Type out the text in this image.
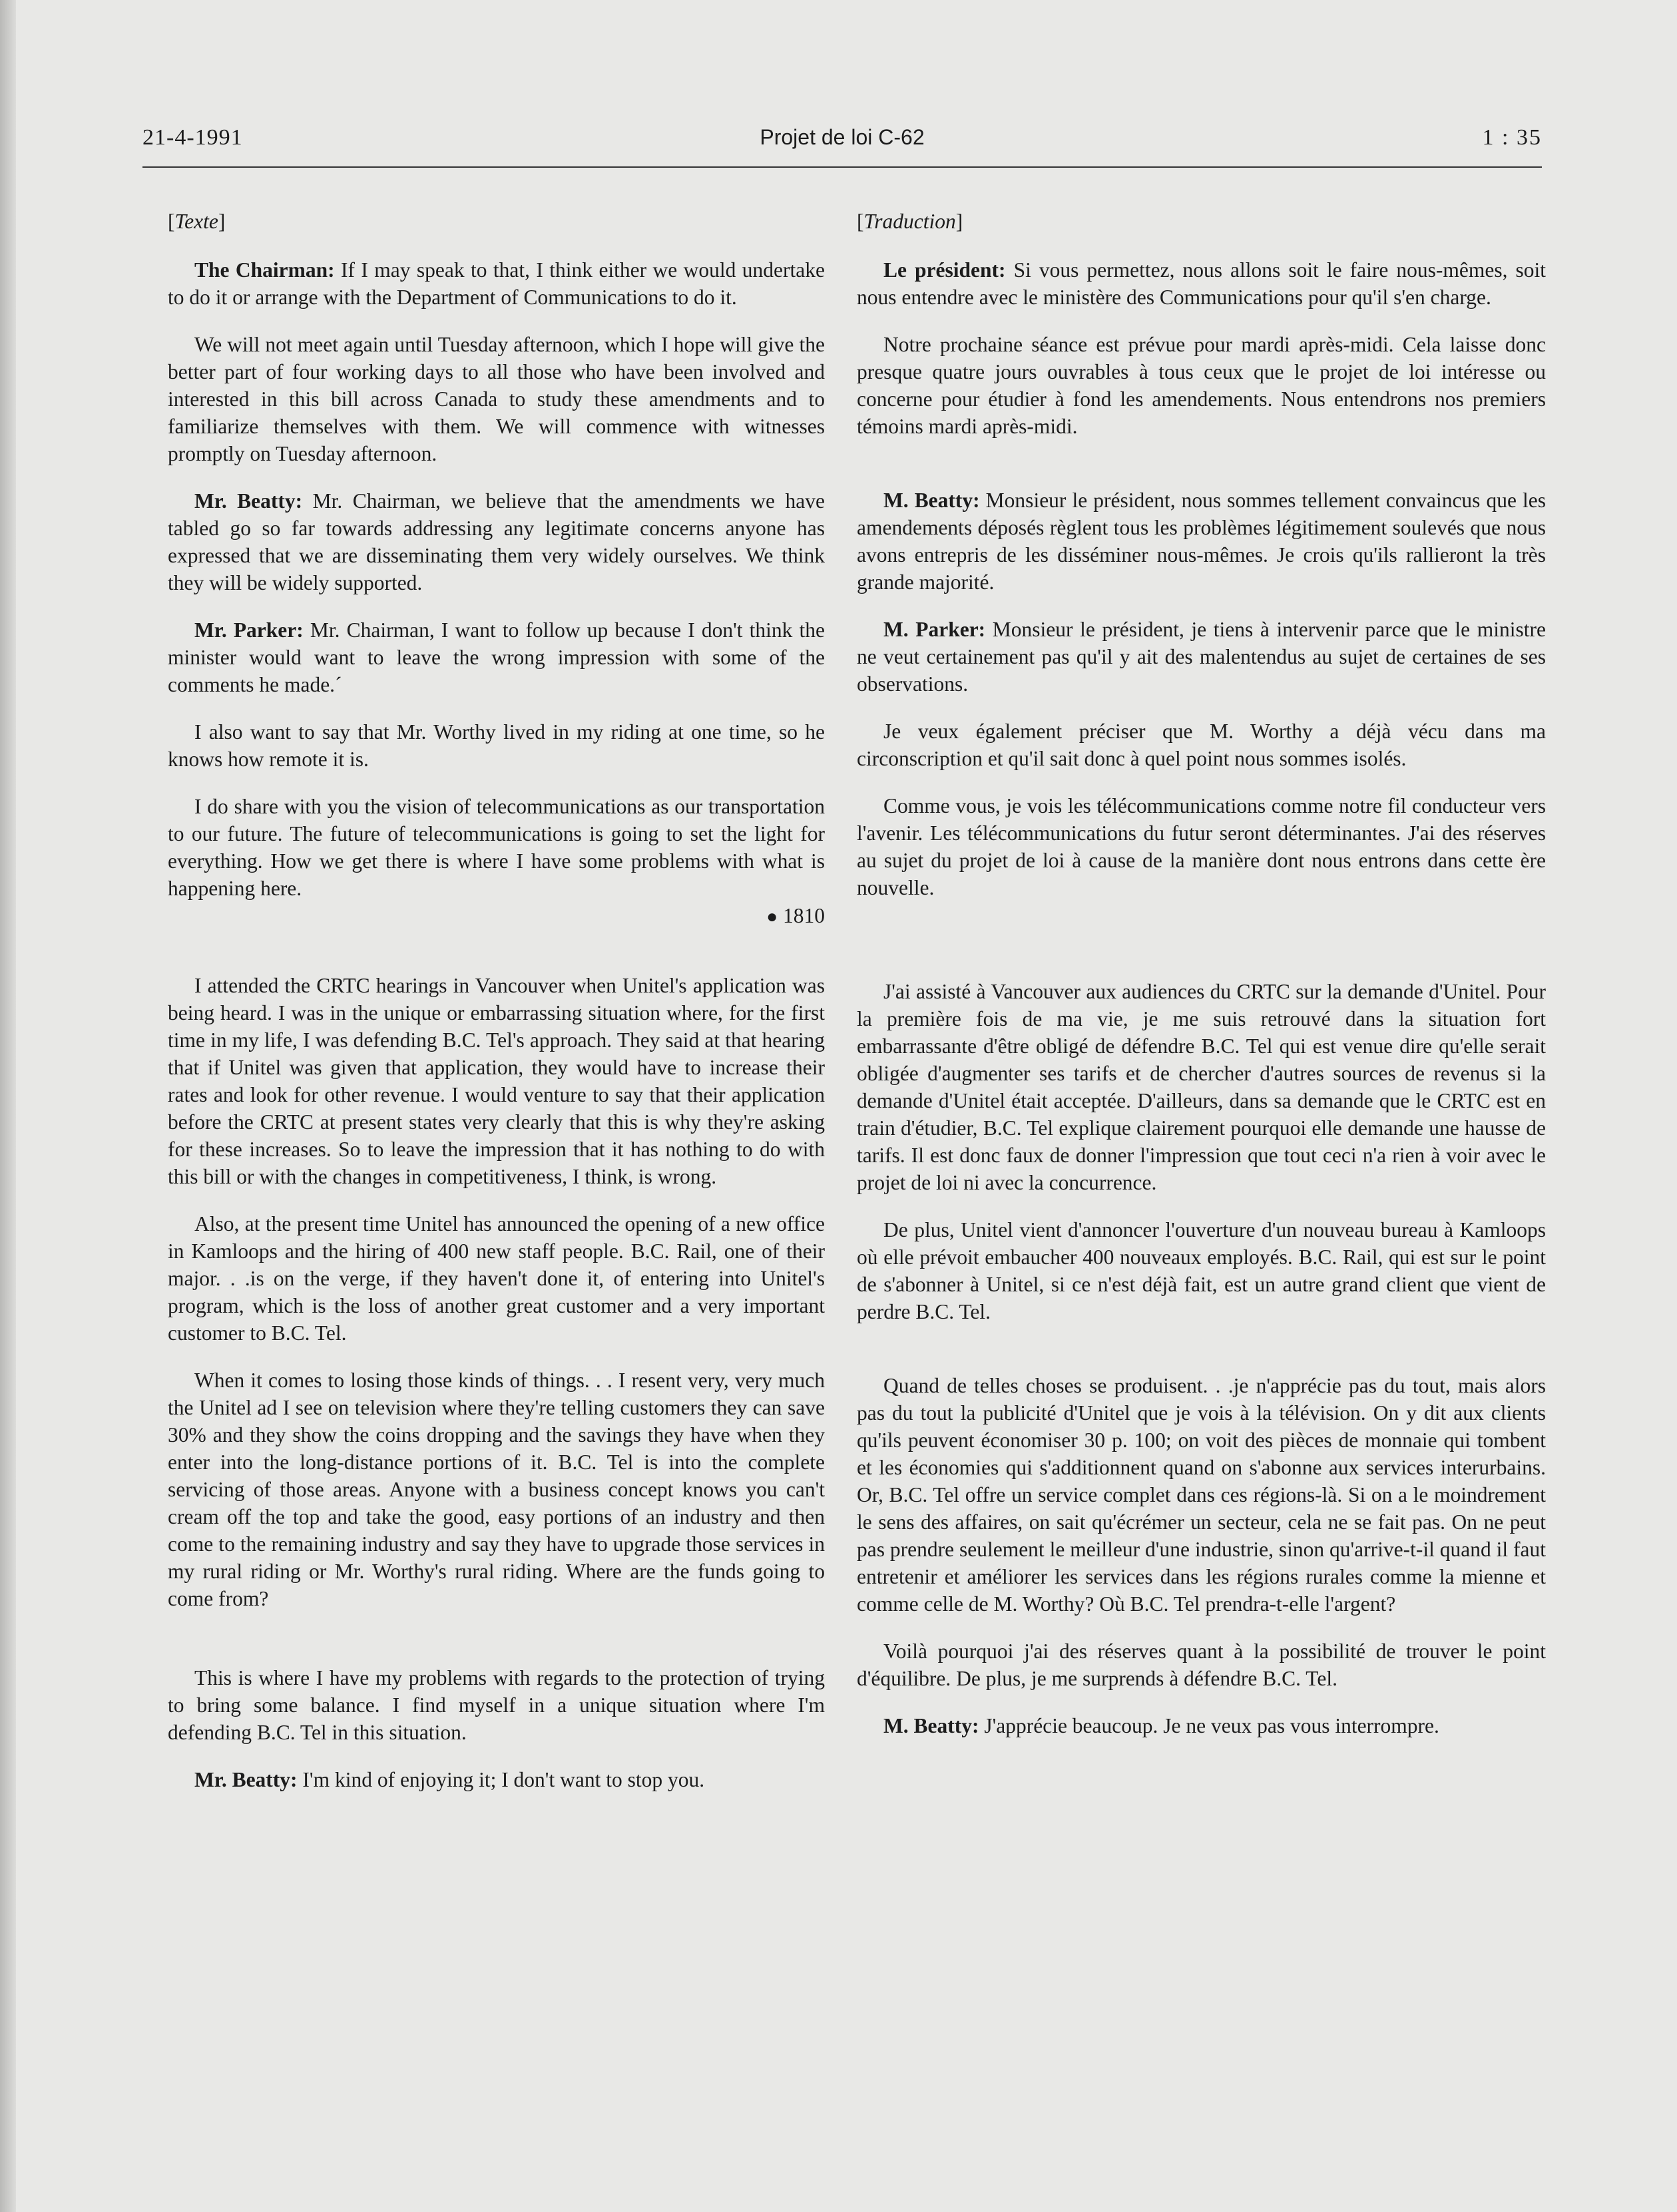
21-4-1991	Projet de loi C-62	1 : 35

[Texte]

The Chairman: If I may speak to that, I think either we would undertake to do it or arrange with the Department of Communications to do it.

We will not meet again until Tuesday afternoon, which I hope will give the better part of four working days to all those who have been involved and interested in this bill across Canada to study these amendments and to familiarize themselves with them. We will commence with witnesses promptly on Tuesday afternoon.

Mr. Beatty: Mr. Chairman, we believe that the amendments we have tabled go so far towards addressing any legitimate concerns anyone has expressed that we are disseminating them very widely ourselves. We think they will be widely supported.

Mr. Parker: Mr. Chairman, I want to follow up because I don't think the minister would want to leave the wrong impression with some of the comments he made.´

I also want to say that Mr. Worthy lived in my riding at one time, so he knows how remote it is.

I do share with you the vision of telecommunications as our transportation to our future. The future of telecommunications is going to set the light for everything. How we get there is where I have some problems with what is happening here.

● 1810

I attended the CRTC hearings in Vancouver when Unitel's application was being heard. I was in the unique or embarrassing situation where, for the first time in my life, I was defending B.C. Tel's approach. They said at that hearing that if Unitel was given that application, they would have to increase their rates and look for other revenue. I would venture to say that their application before the CRTC at present states very clearly that this is why they're asking for these increases. So to leave the impression that it has nothing to do with this bill or with the changes in competitiveness, I think, is wrong.

Also, at the present time Unitel has announced the opening of a new office in Kamloops and the hiring of 400 new staff people. B.C. Rail, one of their major. . .is on the verge, if they haven't done it, of entering into Unitel's program, which is the loss of another great customer and a very important customer to B.C. Tel.

When it comes to losing those kinds of things. . . I resent very, very much the Unitel ad I see on television where they're telling customers they can save 30% and they show the coins dropping and the savings they have when they enter into the long-distance portions of it. B.C. Tel is into the complete servicing of those areas. Anyone with a business concept knows you can't cream off the top and take the good, easy portions of an industry and then come to the remaining industry and say they have to upgrade those services in my rural riding or Mr. Worthy's rural riding. Where are the funds going to come from?

This is where I have my problems with regards to the protection of trying to bring some balance. I find myself in a unique situation where I'm defending B.C. Tel in this situation.

Mr. Beatty: I'm kind of enjoying it; I don't want to stop you.

[Traduction]

Le président: Si vous permettez, nous allons soit le faire nous-mêmes, soit nous entendre avec le ministère des Communications pour qu'il s'en charge.

Notre prochaine séance est prévue pour mardi après-midi. Cela laisse donc presque quatre jours ouvrables à tous ceux que le projet de loi intéresse ou concerne pour étudier à fond les amendements. Nous entendrons nos premiers témoins mardi après-midi.

M. Beatty: Monsieur le président, nous sommes tellement convaincus que les amendements déposés règlent tous les problèmes légitimement soulevés que nous avons entrepris de les disséminer nous-mêmes. Je crois qu'ils rallieront la très grande majorité.

M. Parker: Monsieur le président, je tiens à intervenir parce que le ministre ne veut certainement pas qu'il y ait des malentendus au sujet de certaines de ses observations.

Je veux également préciser que M. Worthy a déjà vécu dans ma circonscription et qu'il sait donc à quel point nous sommes isolés.

Comme vous, je vois les télécommunications comme notre fil conducteur vers l'avenir. Les télécommunications du futur seront déterminantes. J'ai des réserves au sujet du projet de loi à cause de la manière dont nous entrons dans cette ère nouvelle.

J'ai assisté à Vancouver aux audiences du CRTC sur la demande d'Unitel. Pour la première fois de ma vie, je me suis retrouvé dans la situation fort embarrassante d'être obligé de défendre B.C. Tel qui est venue dire qu'elle serait obligée d'augmenter ses tarifs et de chercher d'autres sources de revenus si la demande d'Unitel était acceptée. D'ailleurs, dans sa demande que le CRTC est en train d'étudier, B.C. Tel explique clairement pourquoi elle demande une hausse de tarifs. Il est donc faux de donner l'impression que tout ceci n'a rien à voir avec le projet de loi ni avec la concurrence.

De plus, Unitel vient d'annoncer l'ouverture d'un nouveau bureau à Kamloops où elle prévoit embaucher 400 nouveaux employés. B.C. Rail, qui est sur le point de s'abonner à Unitel, si ce n'est déjà fait, est un autre grand client que vient de perdre B.C. Tel.

Quand de telles choses se produisent. . .je n'apprécie pas du tout, mais alors pas du tout la publicité d'Unitel que je vois à la télévision. On y dit aux clients qu'ils peuvent économiser 30 p. 100; on voit des pièces de monnaie qui tombent et les économies qui s'additionnent quand on s'abonne aux services interurbains. Or, B.C. Tel offre un service complet dans ces régions-là. Si on a le moindrement le sens des affaires, on sait qu'écrémer un secteur, cela ne se fait pas. On ne peut pas prendre seulement le meilleur d'une industrie, sinon qu'arrive-t-il quand il faut entretenir et améliorer les services dans les régions rurales comme la mienne et comme celle de M. Worthy? Où B.C. Tel prendra-t-elle l'argent?

Voilà pourquoi j'ai des réserves quant à la possibilité de trouver le point d'équilibre. De plus, je me surprends à défendre B.C. Tel.

M. Beatty: J'apprécie beaucoup. Je ne veux pas vous interrompre.
